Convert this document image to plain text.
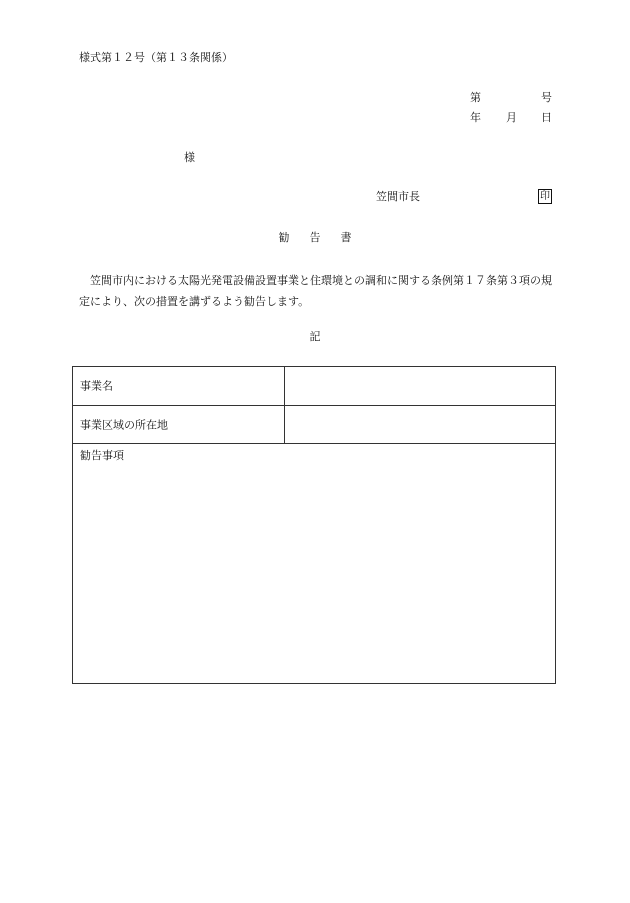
様式第１２号（第１３条関係）
第	号
年 月 日
様
笠間市長	印
勧 告 書
　笠間市内における太陽光発電設備設置事業と住環境との調和に関する条例第１７条第３項の規定により、次の措置を講ずるよう勧告します。
記
事業名
事業区域の所在地
勧告事項
